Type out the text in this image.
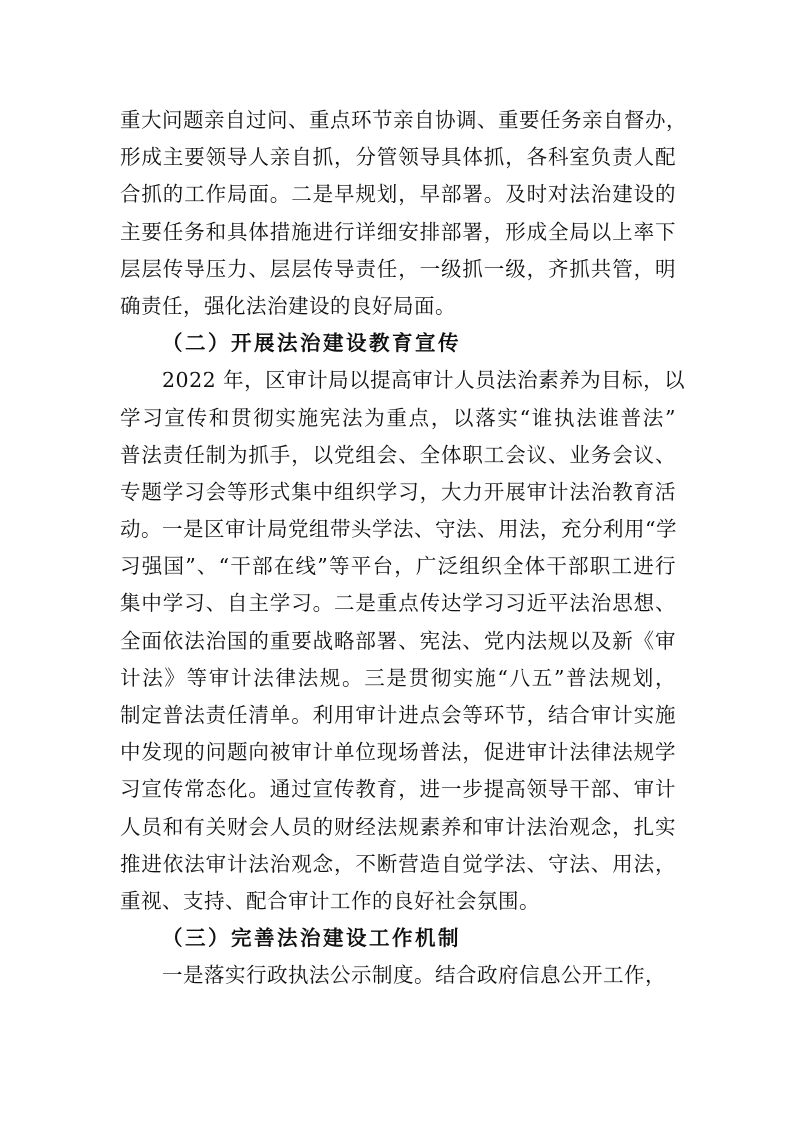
重大问题亲自过问、重点环节亲自协调、重要任务亲自督办，
形成主要领导人亲自抓，分管领导具体抓，各科室负责人配
合抓的工作局面。二是早规划，早部署。及时对法治建设的
主要任务和具体措施进行详细安排部署，形成全局以上率下
层层传导压力、层层传导责任，一级抓一级，齐抓共管，明
确责任，强化法治建设的良好局面。
（二）开展法治建设教育宣传
2022 年，区审计局以提高审计人员法治素养为目标，以
学习宣传和贯彻实施宪法为重点，以落实“谁执法谁普法”
普法责任制为抓手，以党组会、全体职工会议、业务会议、
专题学习会等形式集中组织学习，大力开展审计法治教育活
动。一是区审计局党组带头学法、守法、用法，充分利用“学
习强国”、“干部在线”等平台，广泛组织全体干部职工进行
集中学习、自主学习。二是重点传达学习习近平法治思想、
全面依法治国的重要战略部署、宪法、党内法规以及新《审
计法》等审计法律法规。三是贯彻实施“八五”普法规划，
制定普法责任清单。利用审计进点会等环节，结合审计实施
中发现的问题向被审计单位现场普法，促进审计法律法规学
习宣传常态化。通过宣传教育，进一步提高领导干部、审计
人员和有关财会人员的财经法规素养和审计法治观念，扎实
推进依法审计法治观念，不断营造自觉学法、守法、用法，
重视、支持、配合审计工作的良好社会氛围。
（三）完善法治建设工作机制
一是落实行政执法公示制度。结合政府信息公开工作，
